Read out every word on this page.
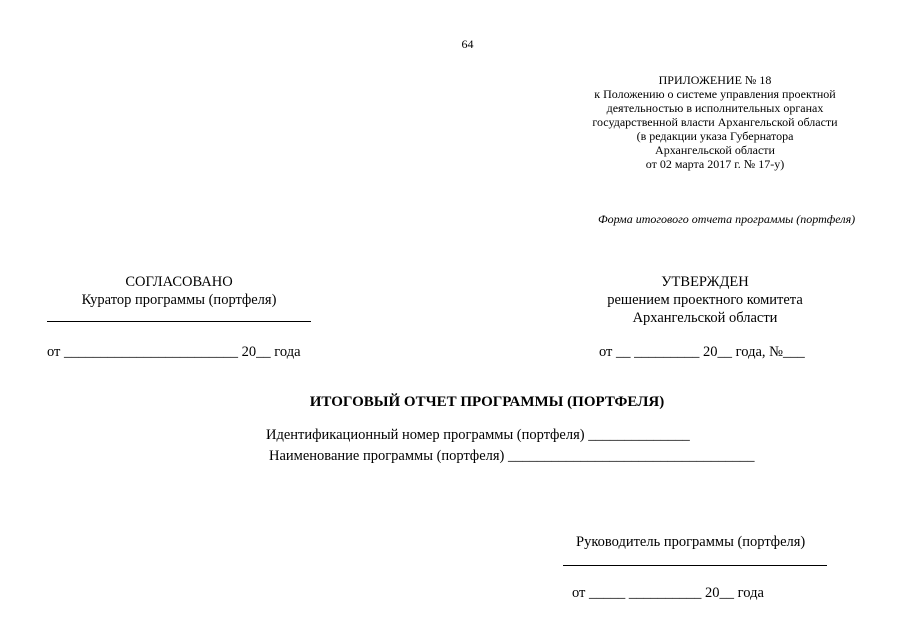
64
ПРИЛОЖЕНИЕ № 18
к Положению о системе управления проектной
деятельностью в исполнительных органах
государственной власти Архангельской области
(в редакции указа Губернатора
Архангельской области
от 02 марта 2017 г. № 17-у)
Форма итогового отчета программы (портфеля)
СОГЛАСОВАНО
Куратор программы (портфеля)
от ________________________ 20__ года
УТВЕРЖДЕН
решением проектного комитета
Архангельской области
от __ _________ 20__ года, №___
ИТОГОВЫЙ ОТЧЕТ ПРОГРАММЫ (ПОРТФЕЛЯ)
Идентификационный номер программы (портфеля) ______________
Наименование программы (портфеля) __________________________________
Руководитель программы (портфеля)
от _____ __________ 20__ года
